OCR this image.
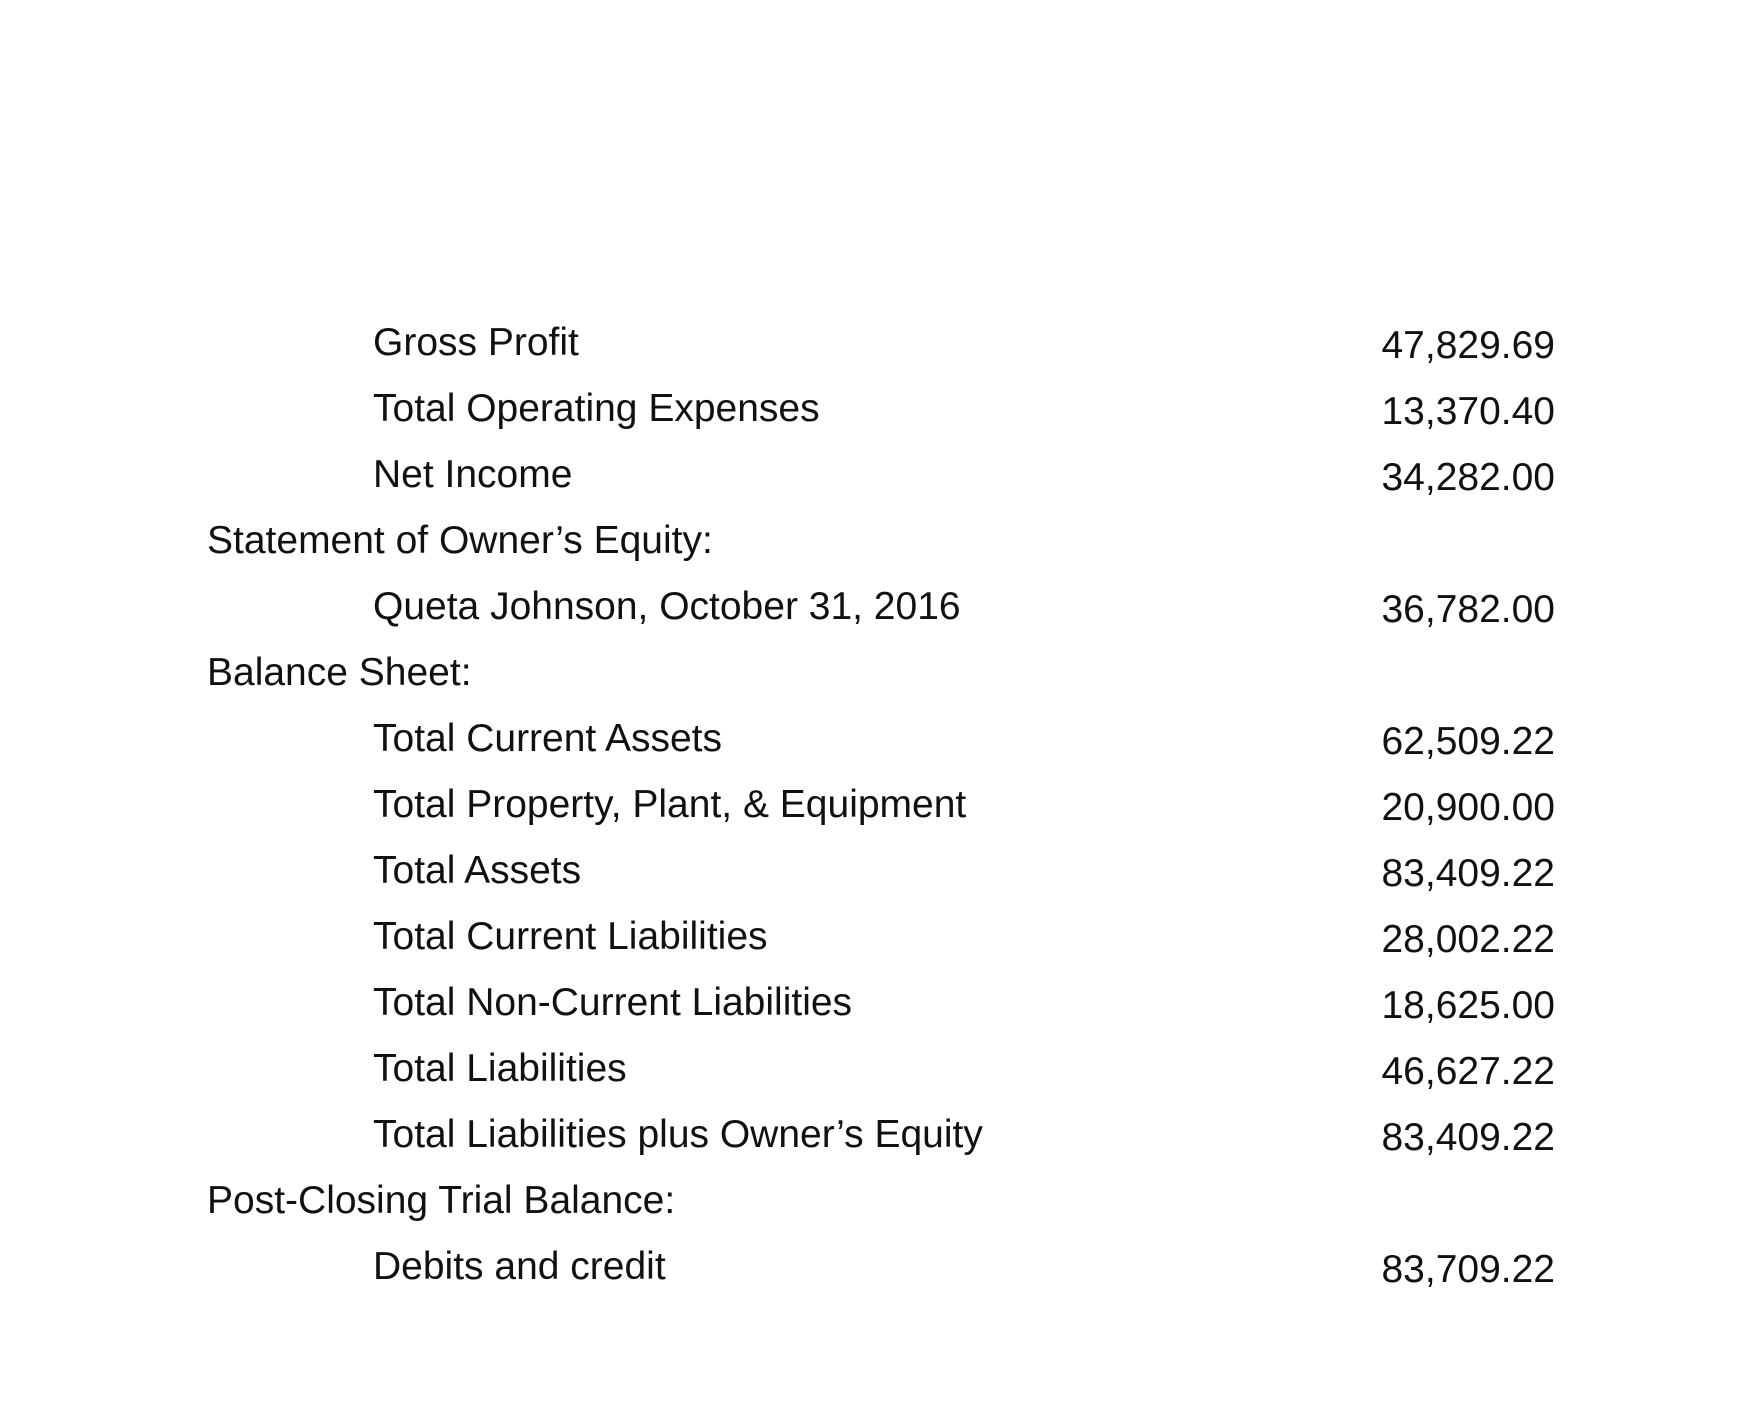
Gross Profit	47,829.69
Total Operating Expenses	13,370.40
Net Income	34,282.00
Statement of Owner’s Equity:
Queta Johnson, October 31, 2016	36,782.00
Balance Sheet:
Total Current Assets	62,509.22
Total Property, Plant, & Equipment	20,900.00
Total Assets	83,409.22
Total Current Liabilities	28,002.22
Total Non-Current Liabilities	18,625.00
Total Liabilities	46,627.22
Total Liabilities plus Owner’s Equity	83,409.22
Post-Closing Trial Balance:
Debits and credit	83,709.22
